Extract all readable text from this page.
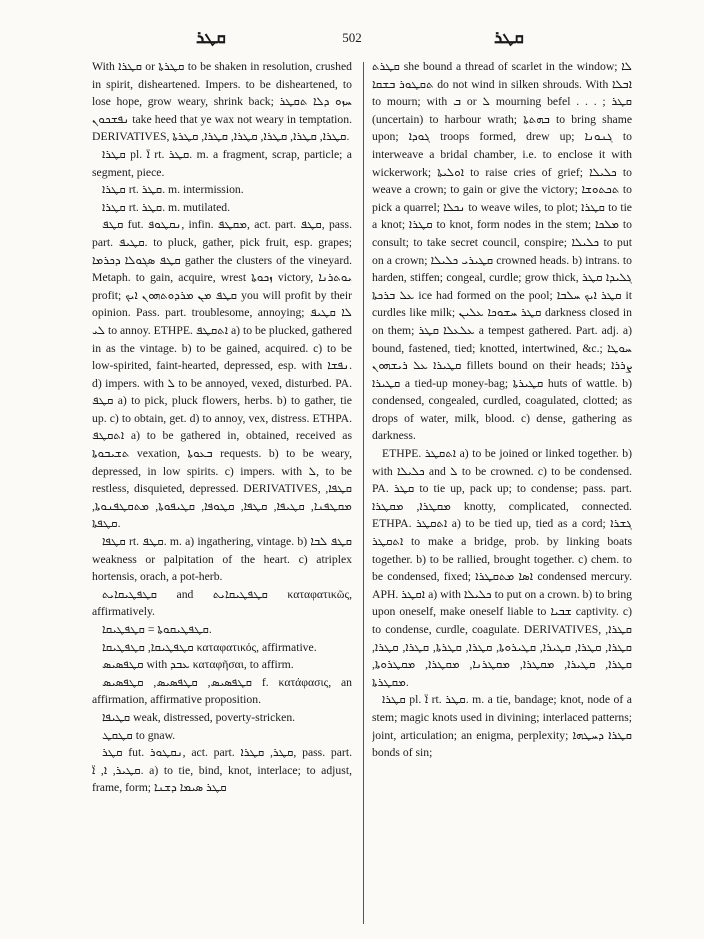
ܩܛܪ	502	ܩܛܪ

With ܩܛܪܐ or ܩܛܪܬܐ to be shaken in resolution, crushed in spirit, disheartened. Impers. to be disheartened, to lose hope, grow weary, shrink back; ܚܙܘ ܕܠܐ ܬܩܛܪ ܢܦܫܟܘܢ take heed that ye wax not weary in temptation. DERIVATIVES, ܩܛܪܐ, ܩܛܪܐ, ܩܛܪܐ, ܩܛܪܐ, ܩܛܪܐ, ܩܛܪܬܐ.

ܩܛܪܐ pl. ܐ̈ rt. ܩܛܪ. m. a fragment, scrap, particle; a segment, piece.

ܩܛܪܐ rt. ܩܛܪ. m. intermission.

ܩܛܪܐ rt. ܩܛܪ. m. mutilated.

ܩܛܦ fut. ܢܩܛܘܦ, infin. ܡܩܛܦ, act. part. ܩܛܦ, pass. part. ܩܛܝܦ. to pluck, gather, pick fruit, esp. grapes; ܩܛܦ ܣܓܘܠܐ ܕܟܪܡܐ gather the clusters of the vineyard. Metaph. to gain, acquire, wrest ܙܟܘܬܐ victory, ܝܘܬܪܢܐ profit; ܩܛܦ ܡܢ ܡܪܕܘܬܗܘܢ ܐܝܟ you will profit by their opinion. Pass. part. troublesome, annoying; ܠܐ ܩܛܝܦ ܠܝ to annoy. ETHPE. ܐܬܩܛܦ a) to be plucked, gathered in as the vintage. b) to be gained, acquired. c) to be low-spirited, faint-hearted, depressed, esp. with ܢܦܫܐ. d) impers. with ܠ to be annoyed, vexed, disturbed. PA. ܩܛܦ a) to pick, pluck flowers, herbs. b) to gather, tie up. c) to obtain, get. d) to annoy, vex, distress. ETHPA. ܐܬܩܛܦ a) to be gathered in, obtained, received as ܬܫܝܒܘܬܐ vexation, ܒܥܘܬܐ requests. b) to be weary, depressed, in low spirits. c) impers. with ܠ, to be restless, disquieted, depressed. DERIVATIVES, ܩܛܦܐ, ܡܩܛܦܢܐ, ܩܛܝܦܐ, ܩܛܦܐ, ܩܛܘܦܐ, ܩܛܝܦܘܬܐ, ܡܬܩܛܦܢܘܬܐ, ܩܛܦܬܐ.

ܩܛܦܐ rt. ܩܛܦ. m. a) ingathering, vintage. b) ܩܛܦ ܠܒܐ weakness or palpitation of the heart. c) atriplex hortensis, orach, a pot-herb.

ܩܛܦܛܝܩܐܝܬ and ܩܛܦܛܝܩܐܝܬ καταφατικῶς, affirmatively.

ܩܛܦܛܝܩܘܬܐ = ܩܛܦܛܝܩܐ.

ܩܛܦܛܝܩܐ, ܩܛܦܛܝܩܐ καταφατικός, affirmative.

ܩܛܦܣܝܣ with ܥܒܕ καταφῆσαι, to affirm.

ܩܛܦܣܝܣ, ܩܛܦܣܝܣ, ܩܛܦܣܝܣ f. κατάφασις, an affirmation, affirmative proposition.

ܩܛܝܦܐ weak, distressed, poverty-stricken.

ܩܛܩܛ to gnaw.

ܩܛܪ fut. ܢܩܛܘܪ, act. part. ܩܛܪ, ܩܛܪܐ, pass. part. ܩܛܝܪ, ܐ, ܐ̈. a) to tie, bind, knot, interlace; to adjust, frame, form; ܩܛܪ ܣܝܡܐ ܕܫܢܐ

ܩܛܪܬ she bound a thread of scarlet in the window; ܠܐ ܬܩܛܘܪ ܒܫܩܐ do not wind in silken shrouds. With ܐܒܠܐ to mourn; with ܒ or ܠ mourning befel . . . ; ܩܛܪ (uncertain) to harbour wrath; ܒܗܬܬܐ to bring shame upon; ܓܘܕܐ troops formed, drew up; ܓܢܘܢܐ to interweave a bridal chamber, i.e. to enclose it with wickerwork; ܐܘܠܝܬܐ to raise cries of grief; ܟܠܝܠܐ to weave a crown; to gain or give the victory; ܬܟܬܘܫܐ to pick a quarrel; ܢܟܠܐ to weave wiles, to plot; ܩܛܪܐ to tie a knot; ܩܛܪܐ to knot, form nodes in the stem; ܡܠܟܐ to consult; to take secret council, conspire; ܟܠܝܠܐ to put on a crown; ܩܛܝܪܝ ܟܠܝܠܐ crowned heads. b) intrans. to harden, stiffen; congeal, curdle; grow thick, ܓܠܝܕܐ ܩܛܪ ܥܠ ܒܪܟܬܐ ice had formed on the pool; ܩܛܪ ܐܝܟ ܚܠܒܐ it curdles like milk; ܩܛܪ ܚܫܘܟܐ ܥܠܝܢ darkness closed in on them; ܥܠܥܠܐ ܩܛܪ a tempest gathered. Part. adj. a) bound, fastened, tied; knotted, intertwined, &c.; ܚܘܛܐ ܩܛܝܪܐ ܥܠ ܪܝܫܗܘܢ fillets bound on their heads; ܨܪܪܐ ܩܛܝܪܐ a tied-up money-bag; ܩܛܝܪܬܐ huts of wattle. b) condensed, congealed, curdled, coagulated, clotted; as drops of water, milk, blood. c) dense, gathering as darkness.

ETHPE. ܐܬܩܛܪ a) to be joined or linked together. b) with ܟܠܝܠܐ and ܠ to be crowned. c) to be condensed. PA. ܩܛܪ to tie up, pack up; to condense; pass. part. ܡܩܛܪܐ, ܡܩܛܪܐ knotty, complicated, connected. ETHPA. ܐܬܩܛܪ a) to be tied up, tied as a cord; ܓܫܪܐ ܐܬܩܛܪ to make a bridge, prob. by linking boats together. b) to be rallied, brought together. c) chem. to be condensed, fixed; ܐܣܐ ܡܬܩܛܪܐ condensed mercury. APH. ܐܩܛܪ a) with ܟܠܝܠܐ to put on a crown. b) to bring upon oneself, make oneself liable to ܫܒܝܐ captivity. c) to condense, curdle, coagulate. DERIVATIVES, ܩܛܪܐ, ܩܛܪܐ, ܩܛܪܐ, ܩܛܝܪܐ, ܩܛܝܪܘܬܐ, ܩܛܪܐ, ܩܛܪܬܐ, ܩܛܪܐ, ܩܛܪܐ, ܩܛܪܐ, ܩܛܝܪܐ, ܡܩܛܪܐ, ܡܩܛܪܢܐ, ܡܩܛܪܐ, ܡܩܛܪܘܬܐ, ܡܩܛܪܬܐ.

ܩܛܪܐ pl. ܐ̈ rt. ܩܛܪ. m. a tie, bandage; knot, node of a stem; magic knots used in divining; interlaced patterns; joint, articulation; an enigma, perplexity; ܩܛܪܐ ܕܚܛܗܐ bonds of sin;
